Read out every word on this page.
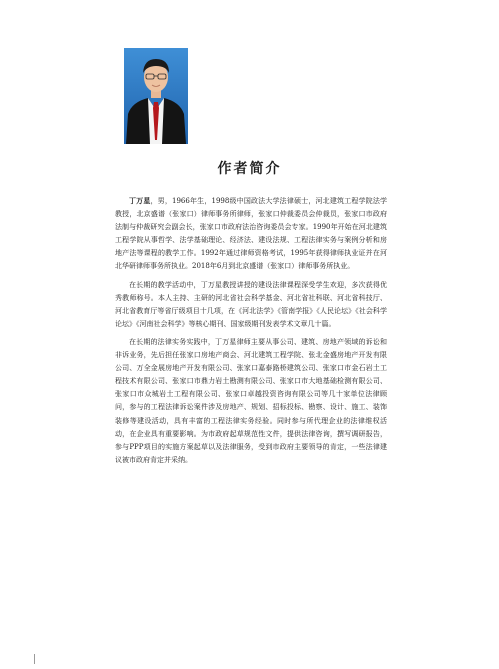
作者简介

丁万星，男，1966年生，1998级中国政法大学法律硕士，河北建筑工程学院法学教授，北京盛谱（张家口）律师事务所律师，张家口仲裁委员会仲裁员，张家口市政府法制与仲裁研究会副会长，张家口市政府法治咨询委员会专家。1990年开始在河北建筑工程学院从事哲学、法学基础理论、经济法、建设法规、工程法律实务与案例分析和房地产法等课程的教学工作。1992年通过律师资格考试，1995年获得律师执业证并在河北华研律师事务所执业。2018年6月到北京盛谱（张家口）律师事务所执业。

在长期的教学活动中，丁万星教授讲授的建设法律课程深受学生欢迎，多次获得优秀教师称号。本人主持、主研的河北省社会科学基金、河北省社科联、河北省科技厅、河北省教育厅等省厅级项目十几项，在《河北法学》《管南学报》《人民论坛》《社会科学论坛》《河南社会科学》等核心期刊、国家级期刊发表学术文章几十篇。

在长期的法律实务实践中，丁万星律师主要从事公司、建筑、房地产领域的诉讼和非诉业务，先后担任张家口房地产商会、河北建筑工程学院、张北金盛房地产开发有限公司、万全金展房地产开发有限公司、张家口嘉泰路桥建筑公司、张家口市金石岩土工程技术有限公司、张家口市鼎力岩土勘测有限公司、张家口市大地基础检测有限公司、张家口市众城岩土工程有限公司、张家口卓越投资咨询有限公司等几十家单位法律顾问，参与的工程法律诉讼案件涉及房地产、规划、招标投标、勘察、设计、施工、装饰装修等建设活动，具有丰富的工程法律实务经验。同时参与所代理企业的法律维权活动，在企业具有重要影响。为市政府起草规范性文件，提供法律咨询，撰写调研报告，参与PPP项目的实施方案起草以及法律服务，受到市政府主要领导的肯定，一些法律建议被市政府肯定并采纳。
